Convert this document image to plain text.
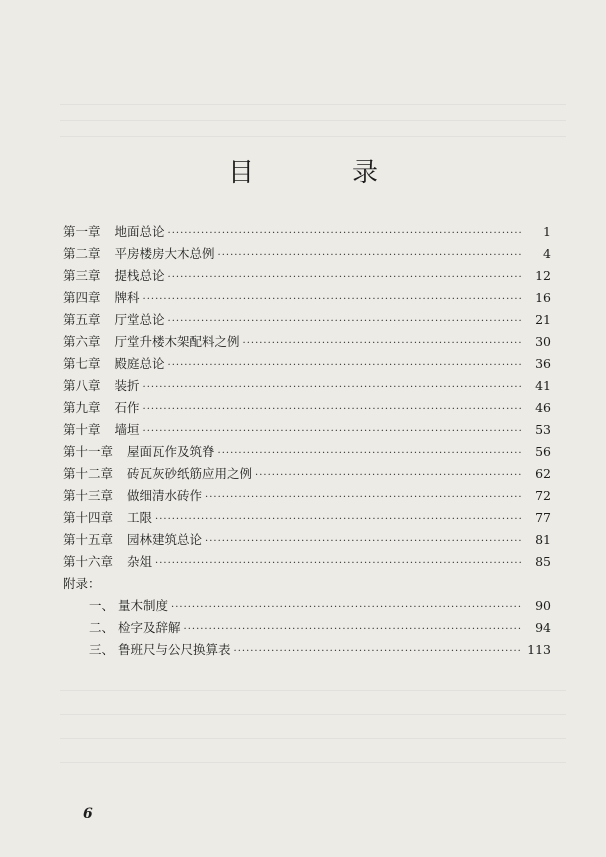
目　录
第一章 地面总论 ·····	1
第二章 平房楼房大木总例 ·····	4
第三章 提栈总论 ·····	12
第四章 牌科 ·····	16
第五章 厅堂总论 ·····	21
第六章 厅堂升楼木架配料之例 ·····	30
第七章 殿庭总论 ·····	36
第八章 装折 ·····	41
第九章 石作 ·····	46
第十章 墙垣 ·····	53
第十一章 屋面瓦作及筑脊 ·····	56
第十二章 砖瓦灰砂纸筋应用之例 ·····	62
第十三章 做细清水砖作 ·····	72
第十四章 工限 ·····	77
第十五章 园林建筑总论 ·····	81
第十六章 杂俎 ·····	85
附录：
一、 量木制度 ·····	90
二、 检字及辞解 ·····	94
三、 鲁班尺与公尺换算表 ·····	113
6
